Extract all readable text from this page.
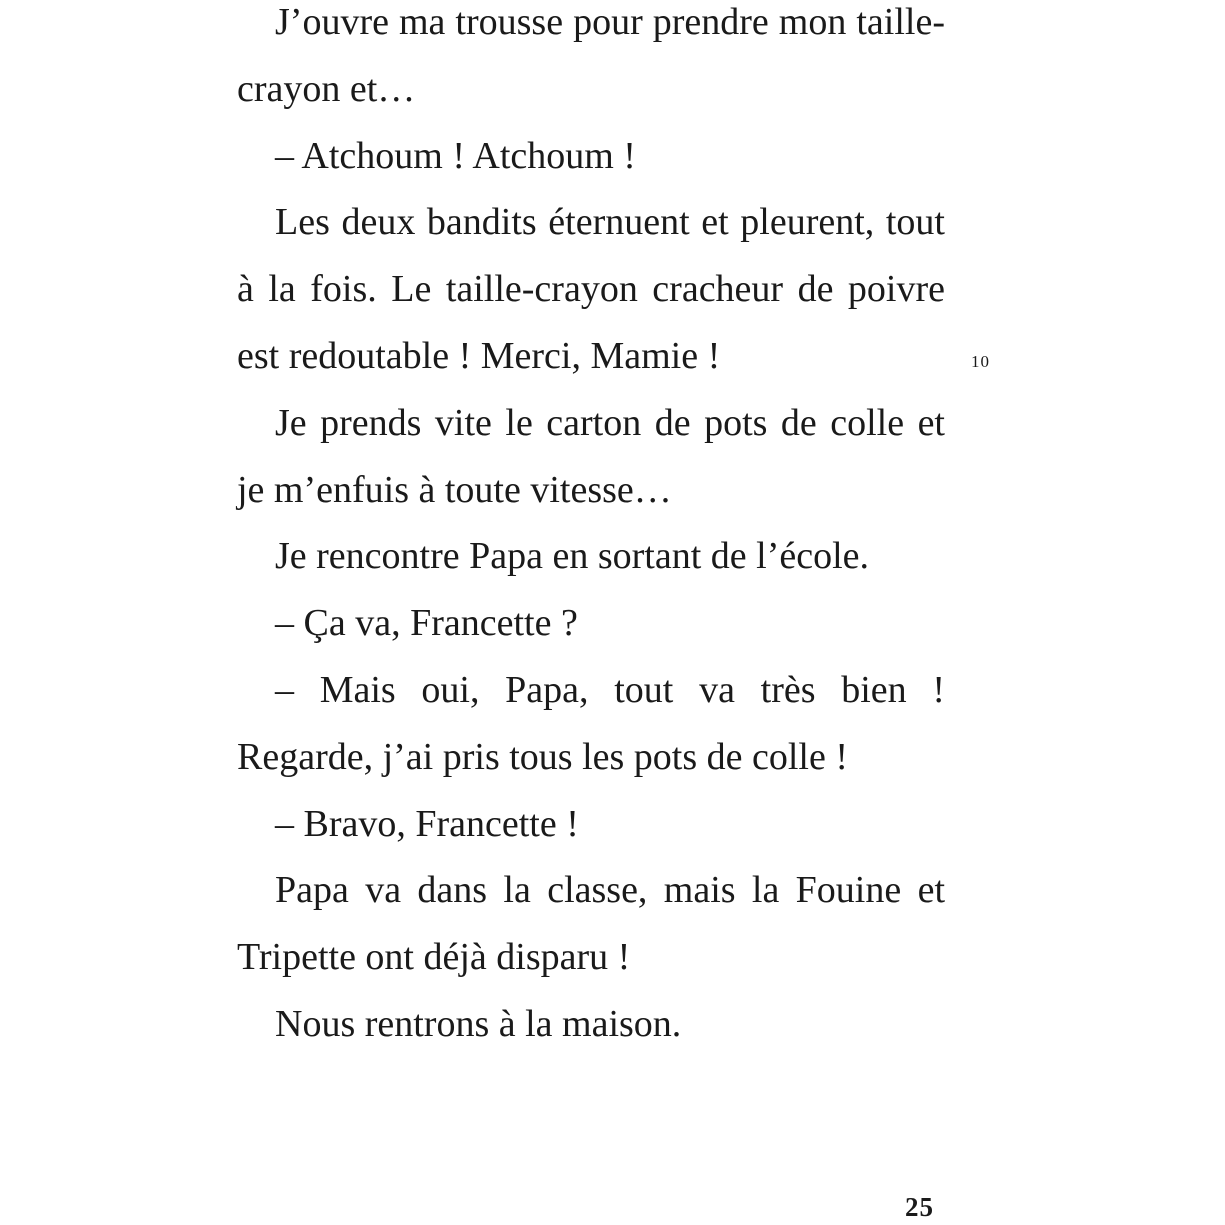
J’ouvre ma trousse pour prendre mon taille-crayon et…

– Atchoum ! Atchoum !

Les deux bandits éternuent et pleurent, tout à la fois. Le taille-crayon cracheur de poivre est redoutable ! Merci, Mamie !

Je prends vite le carton de pots de colle et je m’enfuis à toute vitesse…

Je rencontre Papa en sortant de l’école.

– Ça va, Francette ?

– Mais oui, Papa, tout va très bien ! Regarde, j’ai pris tous les pots de colle !

– Bravo, Francette !

Papa va dans la classe, mais la Fouine et Tripette ont déjà disparu !

Nous rentrons à la maison.

10
25
